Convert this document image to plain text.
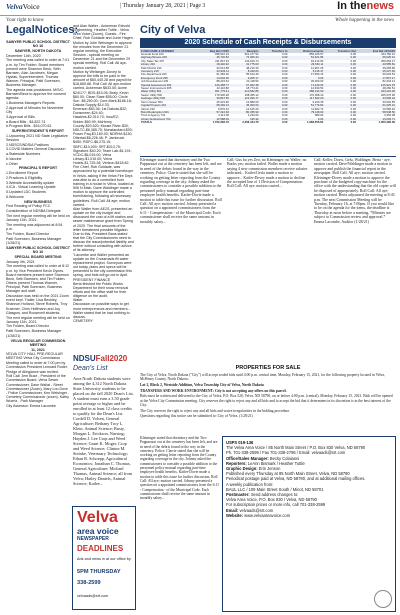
VelvaVoice	| Thursday January 28, 2021 | Page 3	In thenews
Your right to know	Whole happening in the news
LegalNotices:

SAWYER PUBLIC SCHOOL DISTRICT NO 16

SAWYER, NORTH DAKOTA

December 14th, 2020

The meeting was called to order at 7:01 p.m. by Tim Folden. Board members present were Shannon Beck, Seth Barnsen, Alan Jacobsen, Megan Hystas, Superintendent, Thomas Wanner, Principal, Patti Sorensen, Business Manager.

The agenda was proclaimed. M/S/C: Barnsen/Beck to approve the consent agenda:

1.Business Manager's Reports

2.Approval of Minutes for November City

3.Approval of Bills

a.Board Bills - $4,822.74

b.Program Bills - $16,070.61

SUPERINTENDENT'S REPORT

1.Upcoming 2021 ND State Legislative Session

2.NDSCS/NDSIA Positions

3.COVID Matters General Discussion

a.Statewide Numbers

b.Vaccine

c.Other

PRINCIPAL'S REPORT

1.Enrollment Report

2.Practices & Eligibility

3.Website Accessibility update

4.ICA - Virtual Learning Update

5.Updated LDC Students

6.Welcome

NEW BUSINESS

First Reading of Policy FCC

Consideration of NDSBA Delegate

The next regular meeting will be held on January 11th, 2021.

The meeting was adjourned at 8:54 p.m.

Tim Folden, Board Director

Patti Sorensen, Business Manager

(1/28/21)

SAWYER PUBLIC SCHOOL DISTRICT NO 16

SPECIAL BOARD MEETING

January 4th, 2021

The meeting was called to order at 8:12 p.m. by Vice President Kevin Dynes. Board members present were Shannon Beck, Seth Barnsen, and Tim Folden. Others present Thomas Wanner, Principal, Patti Sorensen, Business Manager and staff.

Discussion was held on the 2021 Zoom event kept. Trailer, Lisa Beckley, Shannon Holland, Steve Roberts, Troy Kraemer, Chris Hoffmann and Joy Glasgow, and Roosevelt students.

The next regular meeting will be held on January 11th, 2021.

Tim Folden, Board Director

Patti Sorensen, Business Manager

(1/28/21)

VELVA REGULAR COMMISSION MEETING

11, 2021

VELVA CITY HALL PRE-REGULAR MEETING Velva City Commission Meeting called to order at 7:00 pm by Commission President Leonard Roder.

Pledge of Allegiance was recited.

Roll Call: Jem Buse - President of the Commission Board. Velva Sewer Commissioner, Dave Wallat - Street Commissioner (Zoom), Mary Lou Dove - Police Commissioner, Ken Welsinger - Cemetery Commissioner (zoom), Kathy Wuertz - Park Manager

City Assessor: Emma Lacombe

and Alan Waller - Ackerman Estvold Engineering, Heather Tuttle - Velva Area Voice (Zoom), Guests - Fire Chief, Rob Goldade and Junie Hagen.

Motion by Jolie Welsinger to approve the minutes from the December 21 regular meeting, the Executive Session - special meeting on December 21 and the December 29 special meeting. Roll Call: All aye-motion carried.

Motion by Welsinger-Dovey to approve the bills to be paid in the amount of $60,440.28 and payroll for $18,665.86. Roll Call: All aye-motion carried. Ackerman $633.50; Acme $24/1?7; BDS-$15.06; Braly, Kevin $60.00; Clean Slate $55.00; Circle Sun -$6,250.00; Core-Mark-$186.18; Dakota Supply-$14.33; Emerson-$83.36; 1st Dakota-$32; Donscreen-$24.40; Hawkins-$2,010.70; Inoc/E2; Kidder-$60.99; McHenry County-$20,520; Mouse River-$30; NDLTC-$6,385.75; Nonstandard-$93; Power Paq-$3,160.00; NDRHA $130; Ottertail-$6,226.46; P. Jambruck $450; RDFC-$6,275.15; SBFC-$10,000; SRT-$313.75; Signature-$40.20; Team Lab-$4,191; VCDC-$6,015.00; Velva Library-$1,015.00; Velva Hotels-$1,725.28; Verizon-$418.82.

Fire Chief, Rob Goldade, was approached by a potential homebuyer in Velva, asking if the Velva Fire Dept. was able to do a controlled burn training in a house in Velva, located at 506 N Main. Dave Waldinger made a motion to approve the controlled burn/training, following all necessary guidelines. Roll Call: All aye; motion carried.

Alan Waller from AE2S, presented an update on the city budget and discussed the cost of a lift station and sewer maintenance grant from Spring of 2020. The final amounts of the letter threatened possible litigation. Due to this, President Bans stated that the City Commissioners need to discuss the issue/potential liability and further without consulting with advice of its attorney.

"Lacombe and Waller presented an update on the Crossroads fill water replacement project. Surveyors were out today, plans and specs will be presented to the city commission this spring, and bids will go out in April.

PRESIDENT FINANCE

Berta finished the Public Works Department for their snow removal efforts and the office staff for their diligence on the audit.

Water

Discussion on possible ways to get more entrepreneurs and members...

Waller stated that he had nothing to discuss.

CEMETERY

NDSUFall2020
Dean's List
Area North Dakota students were among the 4,312 North Dakota State University students to be placed on the fall 2020 Dean's List. A student must earn a 3.50 grade point average or higher and be enrolled in at least 12 class credits to qualify for the Dean's List. Cordell D. Volsen, General Agriculture; Bethany Troy L. Klein, Animal Science; Rusty, Morgan L. Erickson, Nursing; Hayden J. Lee Crop and Weed Science; Grant K. Moger, Crop and Weed Science; Clinton M. Steinke, Veterinary Technology; Ethan R. Schoepp, Agricultural Economics; Jonathan C. Thomas, General Agriculture; Michael Thomas, Animal Science; all from Velva; Hailey Daniels, Animal Science; Kailee...
Velva
area voice
NEWSPAPER
DEADLINES
Ads and news in at our office by
5PM THURSDAY
338-2599
velvaads@srt.com
City of Velva
2020 Schedule of Cash Receipts & Disbursements
FUND NAME & NUMBER	Beg Bal 1/1/20	Receipts	Transfers In	Disbursements	Transfers Out	End Bal 12/31/20
General Fund 100	398,510.15	901,377.52	0.00	855,105.57	0.00	444,782.10
Highway/Streets 203	46,720.52	72,306.44	0.00	52,401.86	0.00	66,625.10
City Sales Tax 207	211,847.33	142,019.74	0.00	94,212.60	0.00	259,654.47
Library 210	18,440.92	31,775.00	0.00	29,630.11	0.00	20,585.81
Park District 212	33,012.58	48,210.33	0.00	41,967.25	0.00	39,255.66
Cemetery 215	22,903.11	8,440.00	0.00	6,115.47	0.00	25,227.64
Fire Department 220	61,384.20	55,610.49	0.00	47,990.15	0.00	69,004.54
Emergency Fund 225	14,602.00	3,205.17	0.00	0.00	0.00	17,807.17
Job Development 230	88,215.64	24,118.50	0.00	30,000.00	0.00	82,334.14
Special Assessment 301	129,458.77	67,902.38	0.00	71,440.00	0.00	125,921.15
Sewer Improvement 305	42,116.80	18,774.21	0.00	12,630.50	0.00	48,260.51
Water Utility 501	301,775.41	410,662.85	0.00	388,214.90	0.00	324,223.36
Sewer Utility 502	176,930.28	198,455.12	0.00	170,308.44	0.00	205,076.96
Garbage Utility 503	39,847.56	121,390.77	0.00	117,642.09	0.00	43,596.24
Storm Sewer 504	25,331.90	14,880.00	0.00	9,220.35	0.00	30,991.55
Capital Projects 401	68,402.13	45,000.00	0.00	51,776.82	0.00	61,625.31
Airport 240	9,870.44	12,615.20	0.00	11,902.73	0.00	10,582.91
Bond Redemption 601	57,210.66	80,455.90	0.00	79,118.00	0.00	58,548.56
Trust & Agency 701	3,114.08	1,220.00	0.00	980.00	0.00	3,354.08
Library Endowment 702	12,588.39	415.32	0.00	0.00	0.00	13,003.71
TOTALS	1,762,282.76	2,258,434.76	0.00	1,968,556.84	0.00	1,950,482.09
Kleininger stated that dormitory and the Two Papparazzi out at the cemetery has been left, and are in need of the debris found in the way in the cemetery. Police. Clarrie stated that she will be working on getting letter reporting from the County regarding coverage in the city. Johnny asked the commissioners to consider a possible addition to the personnel policy manual regarding part-time employee health benefits. Kaifer-Dovie made a motion to table this issue for further discussion. Roll Call: All aye; motion carried. Johnny presented a question on a appointed commissioners from the 6:11 - Compensation - of the Municipal Code. Each commissioner shall receive the same amount in monthly salary...
Call: Gus bu yes Zeo; no Kleininger; no Waller; no Bucks yes; motion failed. Waller made a motion saying 4 new commission members receive salaries indicated... Kaifer/Gerla made a motion to approve... Kaifer-Dovey made a motion to decline the accepted line of 1 Division of Compensation. Roll Call: All aye; motion carried...
Call: Keller, Davis, Gelu, Waldinger, Berta - aye; motion carried. Dave/Waldinger made a motion to approve and publish the financial report in the newspaper. Roll Call: All aye; motion carried. Kleininger-Dovey made a motion to approve the purchase of the budgeted copy machine for the office with the understanding that the old copier will be disposed of appropriately. Roll Call: All aye; motion carried. Berta adjourned the meeting at 8:43 p.m. The next Commission Meeting will be Tuesday, February 16, at 7:00pm. If you would like to be on the agenda for the items, the deadline is Thursday at noon before a meeting. *Minutes are subject to Commission review and approval.* Emma Lacombe, Auditor (1/28/21)
PROPERTIES FOR SALE

The City of Velva, North Dakota ("City") will accept sealed bids until 4:00 p.m. central time, Monday, February 15, 2021, for the following property located in Velva, McHenry County, North Dakota:

Lot 2, Block 2, Westside Addition, Velva Township City of Velva, North Dakota

TRANSFERS AND WORK ENVIRONMENT: City is not accepting any offers on this parcel.

Bids must be written and delivered to the City of Velva, P.O. Box 520, Velva, ND 58790, on or before 4:00 p.m. (central), Monday, February 15, 2021. Bids will be opened at the Velva City Commission meeting. City reserves the right to reject any and all bids and to accept the bid that it determines in its discretion is in the best interest of the City.

The City reserves the right to reject any and all bids and waive irregularities in the bidding procedure.

Questions regarding this notice can be submitted to: City of Velva, (1/28/21)

Kleininger stated that dormitory and the Two Papparazzi out at the cemetery has been left, and are in need of the debris found in the way in the cemetery. Police. Clarrie stated that she will be working on getting letter reporting from the County regarding coverage in the city. Johnny asked the commissioners to consider a possible addition to the personnel policy manual regarding part-time employee health benefits. Kaifer-Dovie made a motion to table this issue for further discussion. Roll Call: All aye; motion carried. Johnny presented a question on a appointed commissioners from the 6:11 - Compensation - of the Municipal Code. Each commissioner shall receive the same amount in monthly salary...
USPS 019-136
The Velva Area Voice / 85 North Main Street / P.O. Box 830 Velva, ND 58790
Ph. 701-338-2599 / Fax 701-338-2795 / Email: velvaads@srt.com
Office/Sales Manager: Becky Colaianni
Reporters: LeAnn Bismark / Heather Tuttle
Graphic Design: Erin Jenson
Published every Thursday at 85 North Main Street, Velva, ND 58790
Periodical postage paid at Velva, ND 58790, and at additional mailing offices.
A weekly publication from:
BAUL LLC / 109 Main Street South / Minot, ND 58701
Postmaster: Send address changes to:
Velva Area Voice, P.O. Box 830 / Velva, ND 58790
For subscription prices or more info, call 701-338-2599
Email: velvaads@srt.com
Website: www.velvaareavoice.com
